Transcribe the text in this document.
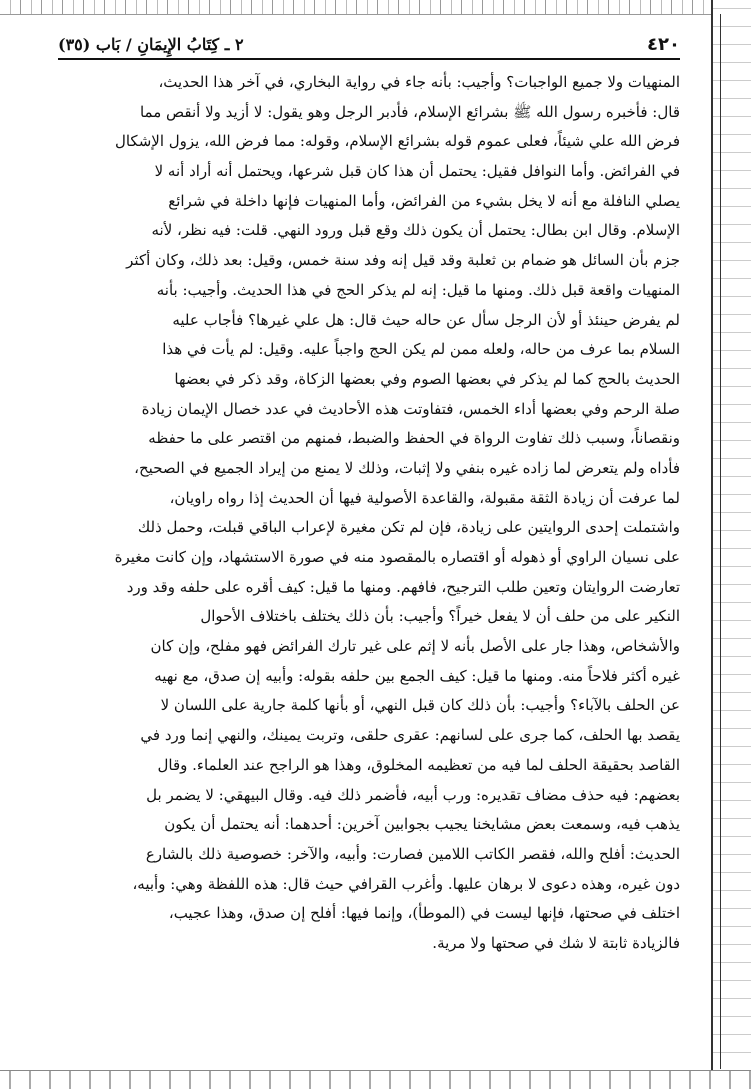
٤٢٠
٢ ـ كِتَابُ الإِيمَانِ / بَاب (٣٥)
المنهيات ولا جميع الواجبات؟ وأجيب: بأنه جاء في رواية البخاري، في آخر هذا الحديث،
قال: فأخبره رسول الله ﷺ بشرائع الإسلام، فأدبر الرجل وهو يقول: لا أزيد ولا أنقص مما
فرض الله علي شيئاً، فعلى عموم قوله بشرائع الإسلام، وقوله: مما فرض الله، يزول الإشكال
في الفرائض. وأما النوافل فقيل: يحتمل أن هذا كان قبل شرعها، ويحتمل أنه أراد أنه لا
يصلي النافلة مع أنه لا يخل بشيء من الفرائض، وأما المنهيات فإنها داخلة في شرائع
الإسلام. وقال ابن بطال: يحتمل أن يكون ذلك وقع قبل ورود النهي. قلت: فيه نظر، لأنه
جزم بأن السائل هو ضمام بن ثعلبة وقد قيل إنه وفد سنة خمس، وقيل: بعد ذلك، وكان أكثر
المنهيات واقعة قبل ذلك. ومنها ما قيل: إنه لم يذكر الحج في هذا الحديث. وأجيب: بأنه
لم يفرض حينئذ أو لأن الرجل سأل عن حاله حيث قال: هل علي غيرها؟ فأجاب عليه
السلام بما عرف من حاله، ولعله ممن لم يكن الحج واجباً عليه. وقيل: لم يأت في هذا
الحديث بالحج كما لم يذكر في بعضها الصوم وفي بعضها الزكاة، وقد ذكر في بعضها
صلة الرحم وفي بعضها أداء الخمس، فتفاوتت هذه الأحاديث في عدد خصال الإيمان زيادة
ونقصاناً، وسبب ذلك تفاوت الرواة في الحفظ والضبط، فمنهم من اقتصر على ما حفظه
فأداه ولم يتعرض لما زاده غيره بنفي ولا إثبات، وذلك لا يمنع من إيراد الجميع في الصحيح،
لما عرفت أن زيادة الثقة مقبولة، والقاعدة الأصولية فيها أن الحديث إذا رواه راويان،
واشتملت إحدى الروايتين على زيادة، فإن لم تكن مغيرة لإعراب الباقي قبلت، وحمل ذلك
على نسيان الراوي أو ذهوله أو اقتصاره بالمقصود منه في صورة الاستشهاد، وإن كانت مغيرة
تعارضت الروايتان وتعين طلب الترجيح، فافهم. ومنها ما قيل: كيف أقره على حلفه وقد ورد
النكير على من حلف أن لا يفعل خيراً؟ وأجيب: بأن ذلك يختلف باختلاف الأحوال
والأشخاص، وهذا جار على الأصل بأنه لا إثم على غير تارك الفرائض فهو مفلح، وإن كان
غيره أكثر فلاحاً منه. ومنها ما قيل: كيف الجمع بين حلفه بقوله: وأبيه إن صدق، مع نهيه
عن الحلف بالآباء؟ وأجيب: بأن ذلك كان قبل النهي، أو بأنها كلمة جارية على اللسان لا
يقصد بها الحلف، كما جرى على لسانهم: عقرى حلقى، وتربت يمينك، والنهي إنما ورد في
القاصد بحقيقة الحلف لما فيه من تعظيمه المخلوق، وهذا هو الراجح عند العلماء. وقال
بعضهم: فيه حذف مضاف تقديره: ورب أبيه، فأضمر ذلك فيه. وقال البيهقي: لا يضمر بل
يذهب فيه، وسمعت بعض مشايخنا يجيب بجوابين آخرين: أحدهما: أنه يحتمل أن يكون
الحديث: أفلح والله، فقصر الكاتب اللامين فصارت: وأبيه، والآخر: خصوصية ذلك بالشارع
دون غيره، وهذه دعوى لا برهان عليها. وأغرب القرافي حيث قال: هذه اللفظة وهي: وأبيه،
اختلف في صحتها، فإنها ليست في (الموطأ)، وإنما فيها: أفلح إن صدق، وهذا عجيب،
فالزيادة ثابتة لا شك في صحتها ولا مرية.
